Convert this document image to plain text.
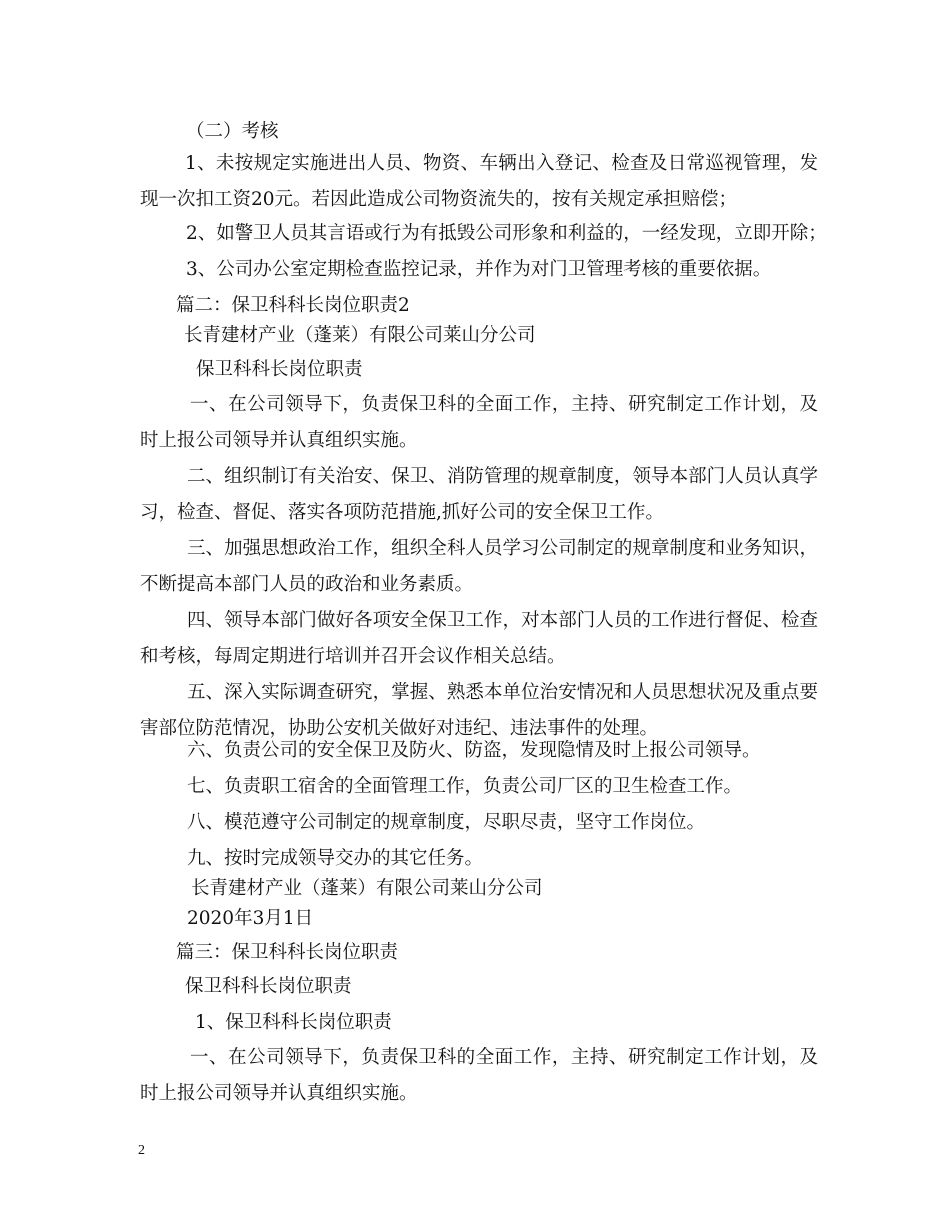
（二）考核
1、未按规定实施进出人员、物资、车辆出入登记、检查及日常巡视管理，发现一次扣工资20元。若因此造成公司物资流失的，按有关规定承担赔偿；
2、如警卫人员其言语或行为有抵毁公司形象和利益的，一经发现，立即开除；
3、公司办公室定期检查监控记录，并作为对门卫管理考核的重要依据。
篇二：保卫科科长岗位职责2
长青建材产业（蓬莱）有限公司莱山分公司
保卫科科长岗位职责
一、在公司领导下，负责保卫科的全面工作，主持、研究制定工作计划，及时上报公司领导并认真组织实施。
二、组织制订有关治安、保卫、消防管理的规章制度，领导本部门人员认真学习，检查、督促、落实各项防范措施,抓好公司的安全保卫工作。
三、加强思想政治工作，组织全科人员学习公司制定的规章制度和业务知识，不断提高本部门人员的政治和业务素质。
四、领导本部门做好各项安全保卫工作，对本部门人员的工作进行督促、检查和考核，每周定期进行培训并召开会议作相关总结。
五、深入实际调查研究，掌握、熟悉本单位治安情况和人员思想状况及重点要害部位防范情况，协助公安机关做好对违纪、违法事件的处理。
六、负责公司的安全保卫及防火、防盗，发现隐情及时上报公司领导。
七、负责职工宿舍的全面管理工作，负责公司厂区的卫生检查工作。
八、模范遵守公司制定的规章制度，尽职尽责，坚守工作岗位。
九、按时完成领导交办的其它任务。
长青建材产业（蓬莱）有限公司莱山分公司
2020年3月1日
篇三：保卫科科长岗位职责
保卫科科长岗位职责
1、保卫科科长岗位职责
一、在公司领导下，负责保卫科的全面工作，主持、研究制定工作计划，及时上报公司领导并认真组织实施。
2
